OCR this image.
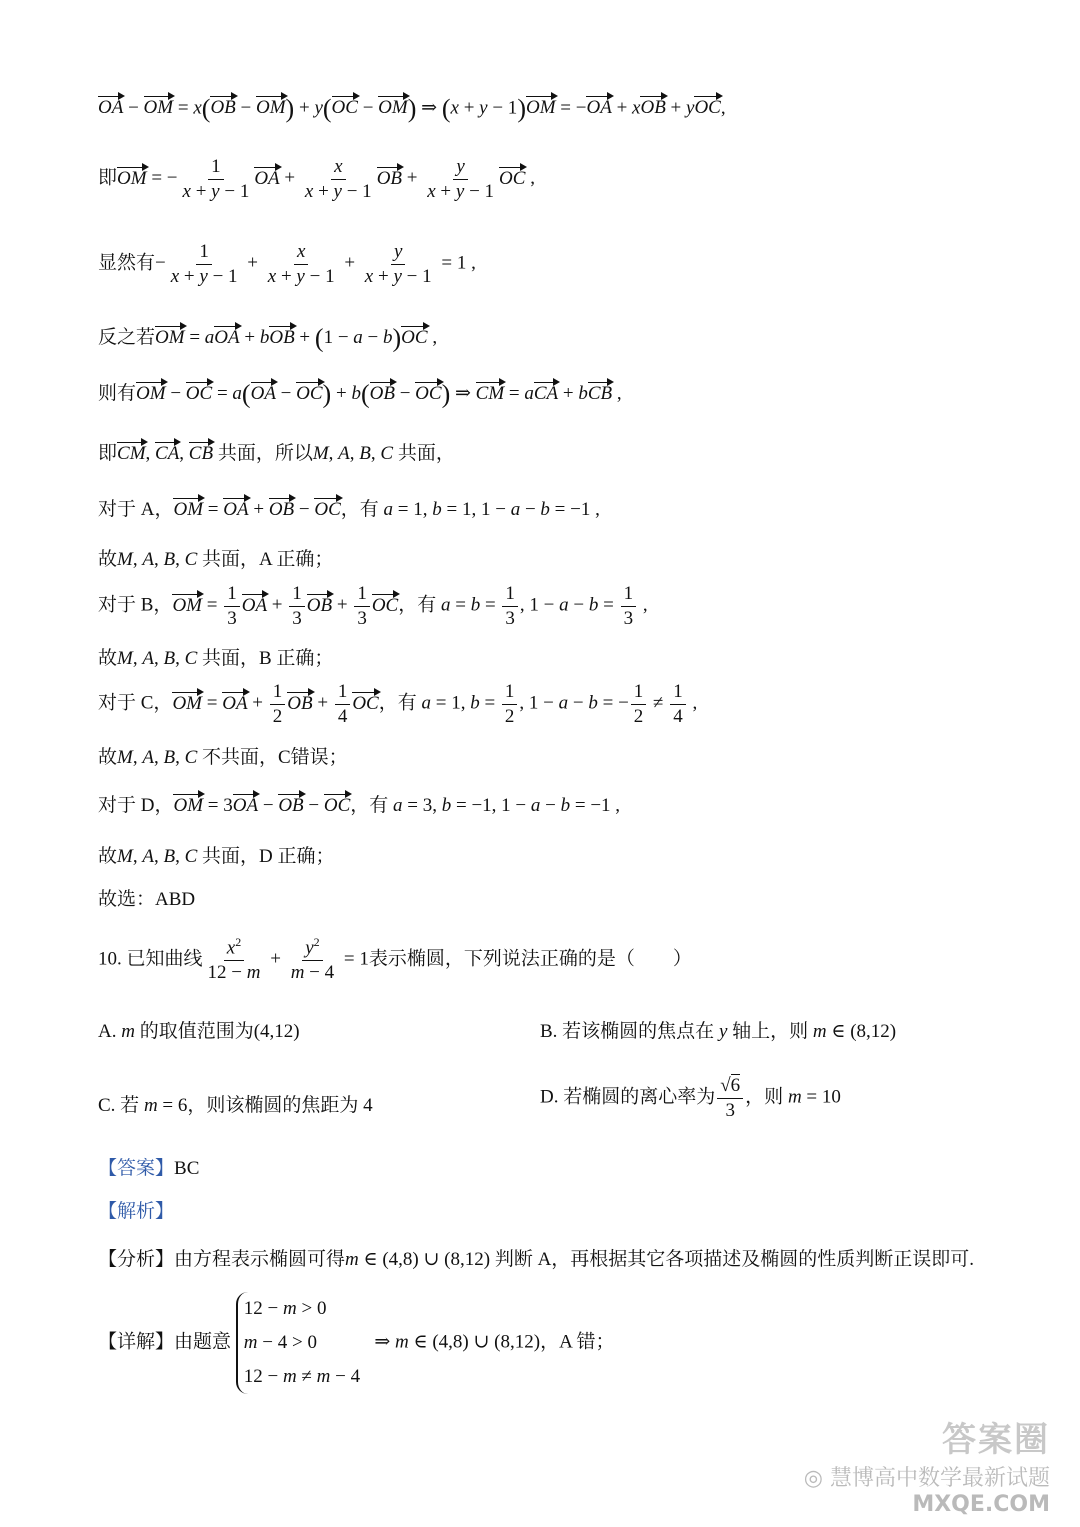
OA − OM = x(OB − OM) + y(OC − OM) ⇒ (x + y − 1)OM = −OA + xOB + yOC,
即OM = − $\frac{1}{x + y - 1}$ OA + $\frac{x}{x + y - 1}$ OB + $\frac{y}{x + y - 1}$ OC ,
显然有− $\frac{1}{x + y - 1} + \frac{x}{x + y - 1} + \frac{y}{x + y - 1} = 1$ ,
反之若OM = aOA + bOB + (1 − a − b)OC ,
则有OM − OC = a(OA − OC) + b(OB − OC) ⇒ CM = aCA + bCB ,
即CM, CA, CB 共面，所以M, A, B, C 共面，
对于 A，OM = OA + OB − OC，有 a = 1, b = 1, 1 − a − b = −1 ,
故M, A, B, C 共面，A 正确；
对于 B，OM = $\frac{1}{3}$ OA + $\frac{1}{3}$ OB + $\frac{1}{3}$ OC，有 $a = b = \frac{1}{3}$ , $1 - a - b = \frac{1}{3}$ ,
故M, A, B, C 共面，B 正确；
对于 C，OM = OA + $\frac{1}{2}$ OB + $\frac{1}{4}$ OC，有 a = 1, $b = \frac{1}{2}$ , 1 − a − b = − $\frac{1}{2} \ne \frac{1}{4}$ ,
故M, A, B, C 不共面，C错误；
对于 D，OM = 3OA − OB − OC，有 a = 3, b = −1, 1 − a − b = −1 ,
故M, A, B, C 共面，D 正确；
故选：ABD
10. 已知曲线 $\frac{x^2}{12 - m} + \frac{y^2}{m - 4} = 1$表示椭圆，下列说法正确的是（　　）
A. m 的取值范围为(4,12)	B. 若该椭圆的焦点在 y 轴上，则 m ∈ (8,12)
C. 若 m = 6，则该椭圆的焦距为 4	D. 若椭圆的离心率为 $\frac{√6}{3}$ ，则 m = 10
【答案】BC
【解析】
【分析】由方程表示椭圆可得m ∈ (4,8) ∪ (8,12) 判断 A，再根据其它各项描述及椭圆的性质判断正误即可.
【详解】由题意 12 − m > 0
m − 4 > 0
12 − m ≠ m − 4   ⇒ m ∈ (4,8) ∪ (8,12)，A 错；
答案圈
◎ 慧博高中数学最新试题
MXQE.COM
